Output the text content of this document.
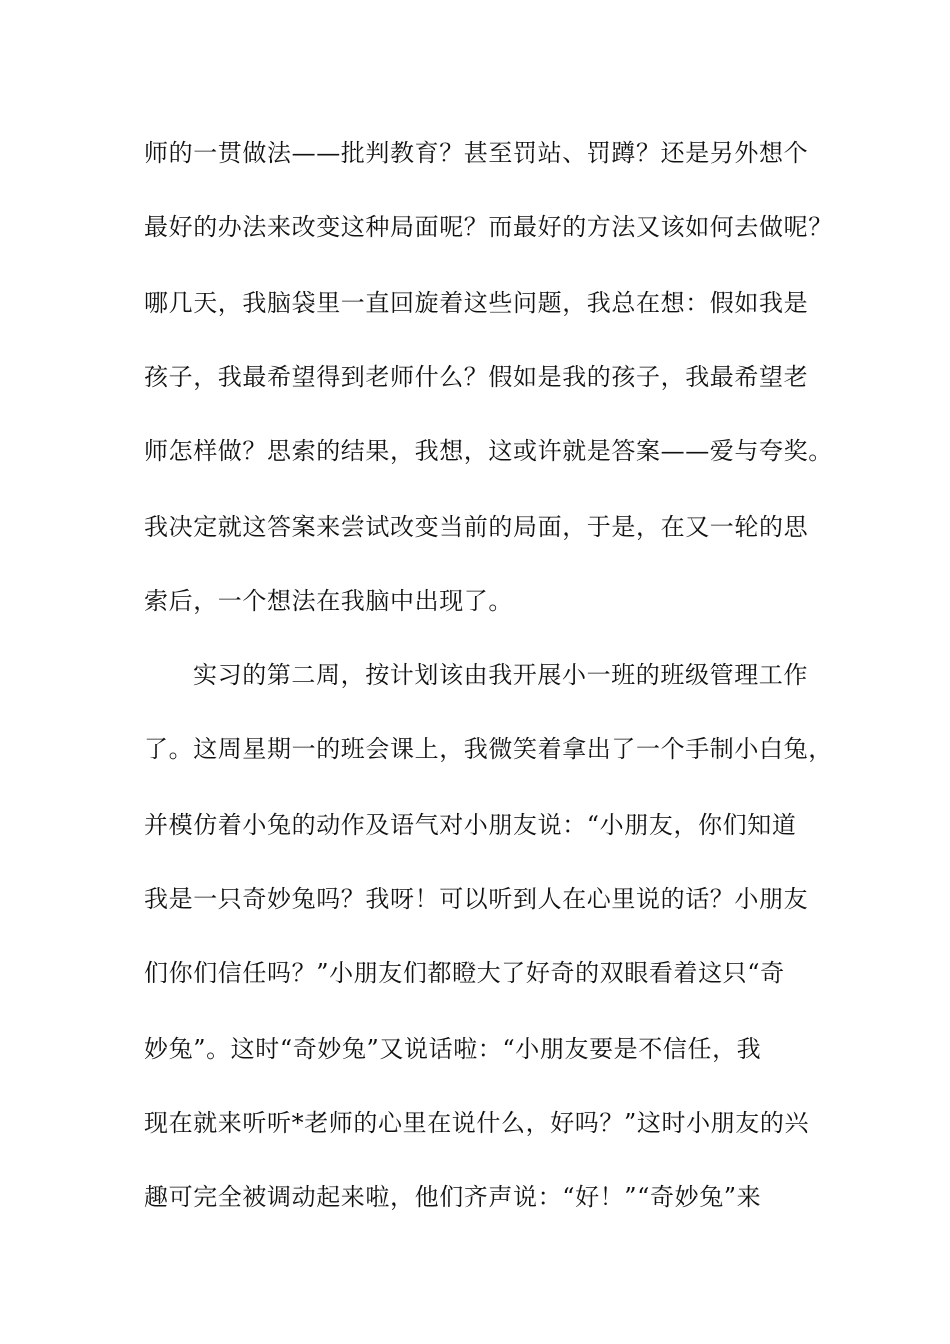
师的一贯做法——批判教育？甚至罚站、罚蹲？还是另外想个
最好的办法来改变这种局面呢？而最好的方法又该如何去做呢？
哪几天，我脑袋里一直回旋着这些问题，我总在想：假如我是
孩子，我最希望得到老师什么？假如是我的孩子，我最希望老
师怎样做？思索的结果，我想，这或许就是答案——爱与夸奖。
我决定就这答案来尝试改变当前的局面，于是，在又一轮的思
索后，一个想法在我脑中出现了。
实习的第二周，按计划该由我开展小一班的班级管理工作
了。这周星期一的班会课上，我微笑着拿出了一个手制小白兔，
并模仿着小兔的动作及语气对小朋友说：“小朋友，你们知道
我是一只奇妙兔吗？我呀！可以听到人在心里说的话？小朋友
们你们信任吗？”小朋友们都瞪大了好奇的双眼看着这只“奇
妙兔”。这时“奇妙兔”又说话啦：“小朋友要是不信任，我
现在就来听听*老师的心里在说什么，好吗？”这时小朋友的兴
趣可完全被调动起来啦，他们齐声说：“好！”“奇妙兔”来
